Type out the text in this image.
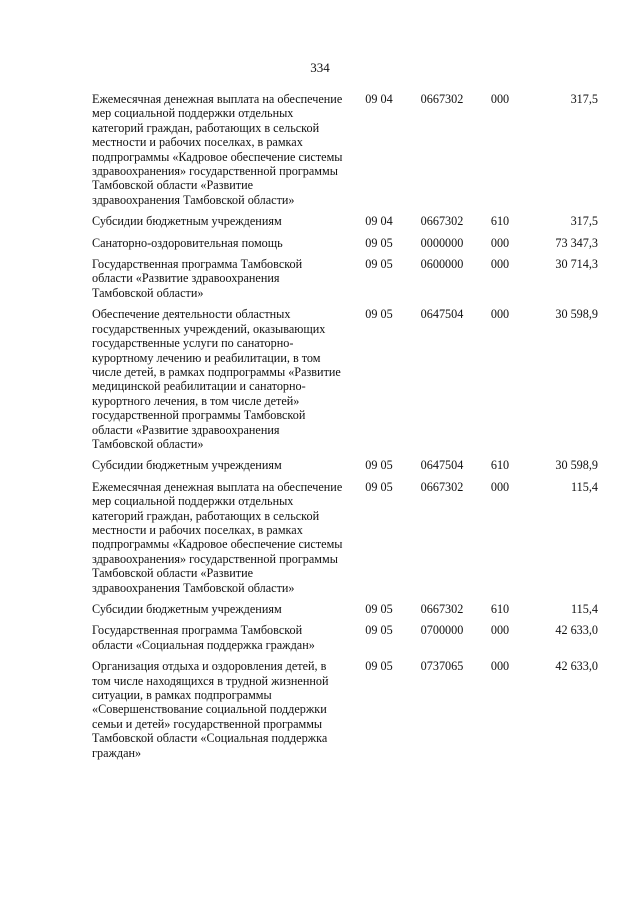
334
Ежемесячная денежная выплата на обеспечение мер социальной поддержки отдельных категорий граждан, работающих в сельской местности и рабочих поселках, в рамках подпрограммы «Кадровое обеспечение системы здравоохранения» государственной программы Тамбовской области «Развитие здравоохранения Тамбовской области»	09 04	0667302	000	317,5

Субсидии бюджетным учреждениям	09 04	0667302	610	317,5

Санаторно-оздоровительная помощь	09 05	0000000	000	73 347,3

Государственная программа Тамбовской области «Развитие здравоохранения Тамбовской области»	09 05	0600000	000	30 714,3

Обеспечение деятельности областных государственных учреждений, оказывающих государственные услуги по санаторно-курортному лечению и реабилитации, в том числе детей, в рамках подпрограммы «Развитие медицинской реабилитации и санаторно-курортного лечения, в том числе детей» государственной программы Тамбовской области «Развитие здравоохранения Тамбовской области»	09 05	0647504	000	30 598,9

Субсидии бюджетным учреждениям	09 05	0647504	610	30 598,9

Ежемесячная денежная выплата на обеспечение мер социальной поддержки отдельных категорий граждан, работающих в сельской местности и рабочих поселках, в рамках подпрограммы «Кадровое обеспечение системы здравоохранения» государственной программы Тамбовской области «Развитие здравоохранения Тамбовской области»	09 05	0667302	000	115,4

Субсидии бюджетным учреждениям	09 05	0667302	610	115,4

Государственная программа Тамбовской области «Социальная поддержка граждан»	09 05	0700000	000	42 633,0

Организация отдыха и оздоровления детей, в том числе находящихся в трудной жизненной ситуации, в рамках подпрограммы «Совершенствование социальной поддержки семьи и детей» государственной программы Тамбовской области «Социальная поддержка граждан»	09 05	0737065	000	42 633,0
